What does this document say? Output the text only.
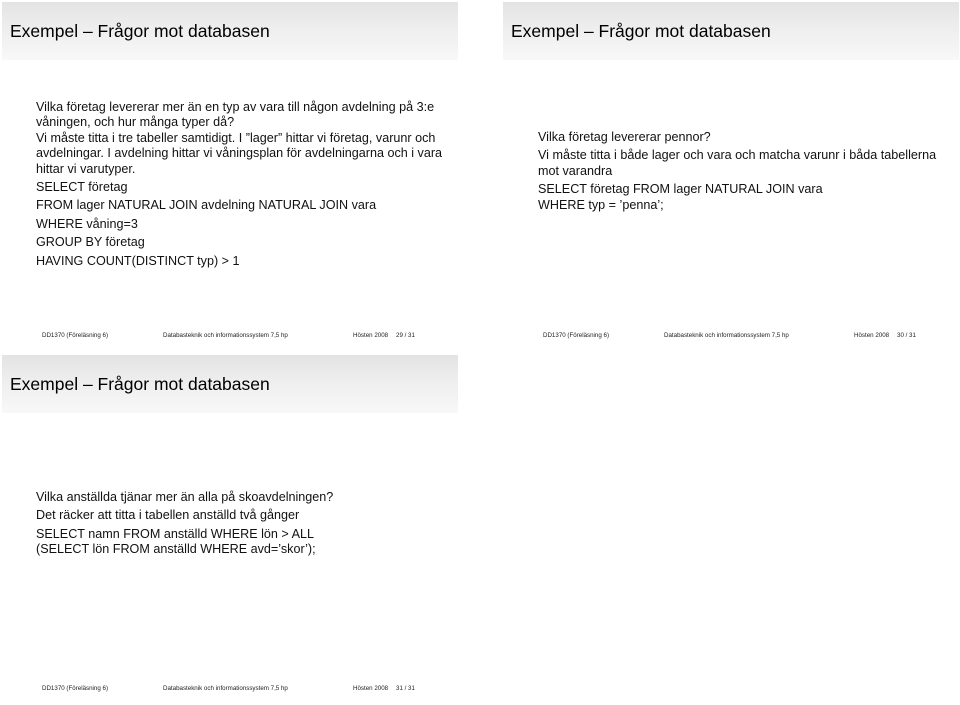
Exempel – Frågor mot databasen

Vilka företag levererar mer än en typ av vara till någon avdelning på 3:e

våningen, och hur många typer då?

Vi måste titta i tre tabeller samtidigt. I ”lager” hittar vi företag, varunr och

avdelningar. I avdelning hittar vi våningsplan för avdelningarna och i vara

hittar vi varutyper.

SELECT företag

FROM lager NATURAL JOIN avdelning NATURAL JOIN vara

WHERE våning=3

GROUP BY företag

HAVING COUNT(DISTINCT typ) > 1

DD1370 (Föreläsning 6)	Databasteknik och informationssystem 7,5 hp	Hösten 2008 29 / 31
Exempel – Frågor mot databasen

Vilka företag levererar pennor?

Vi måste titta i både lager och vara och matcha varunr i båda tabellerna

mot varandra

SELECT företag FROM lager NATURAL JOIN vara

WHERE typ = ’penna’;

DD1370 (Föreläsning 6)	Databasteknik och informationssystem 7,5 hp	Hösten 2008 30 / 31
Exempel – Frågor mot databasen

Vilka anställda tjänar mer än alla på skoavdelningen?

Det räcker att titta i tabellen anställd två gånger

SELECT namn FROM anställd WHERE lön > ALL

(SELECT lön FROM anställd WHERE avd=’skor’);

DD1370 (Föreläsning 6)	Databasteknik och informationssystem 7,5 hp	Hösten 2008 31 / 31
